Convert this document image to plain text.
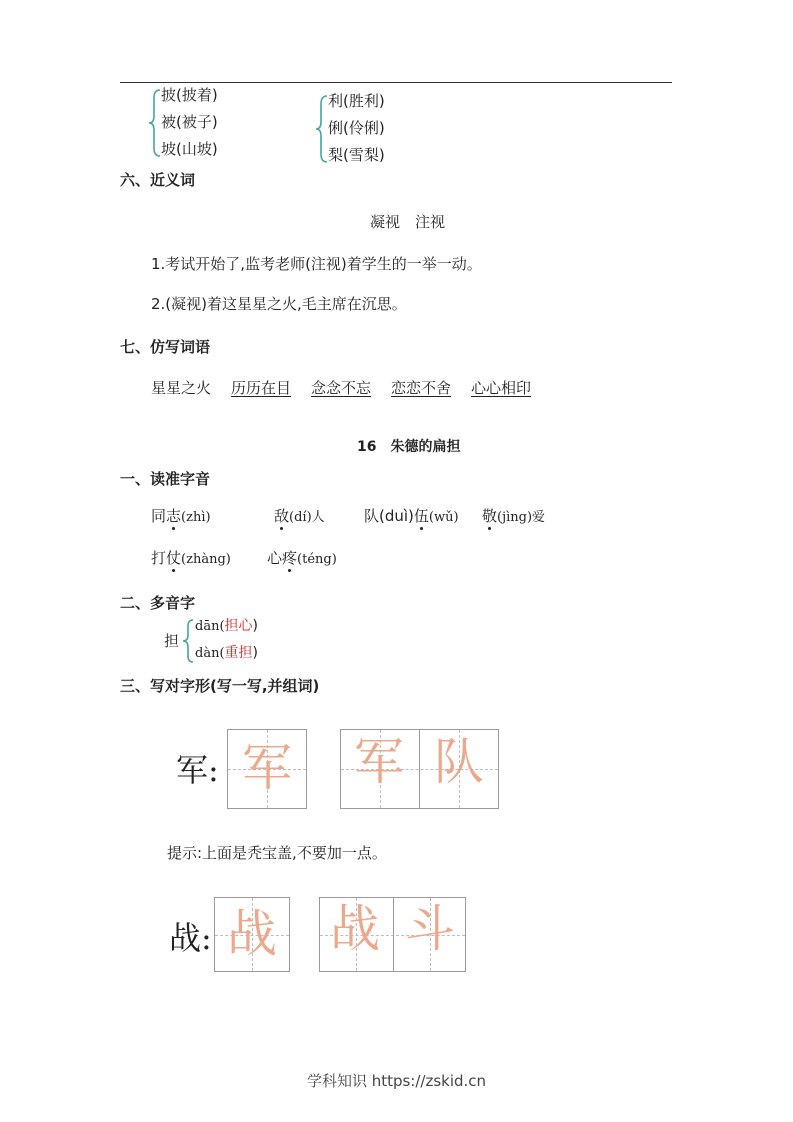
披(披着)
被(被子)
坡(山坡)
利(胜利)
俐(伶俐)
梨(雪梨)
六、近义词
凝视　注视
1.考试开始了,监考老师(注视)着学生的一举一动。
2.(凝视)着这星星之火,毛主席在沉思。
七、仿写词语
星星之火 历历在目 念念不忘 恋恋不舍 心心相印
16　朱德的扁担
一、读准字音
同志(zhì)	敌(dí)人	队(duì)伍(wǔ) 敬(jìng)爱
打仗(zhàng) 心疼(téng)
二、多音字
担
dān(担心)
dàn(重担)
三、写对字形(写一写,并组词)
军: 军	军 队
提示:上面是秃宝盖,不要加一点。
战: 战	战 斗
学科知识 https://zskid.cn
